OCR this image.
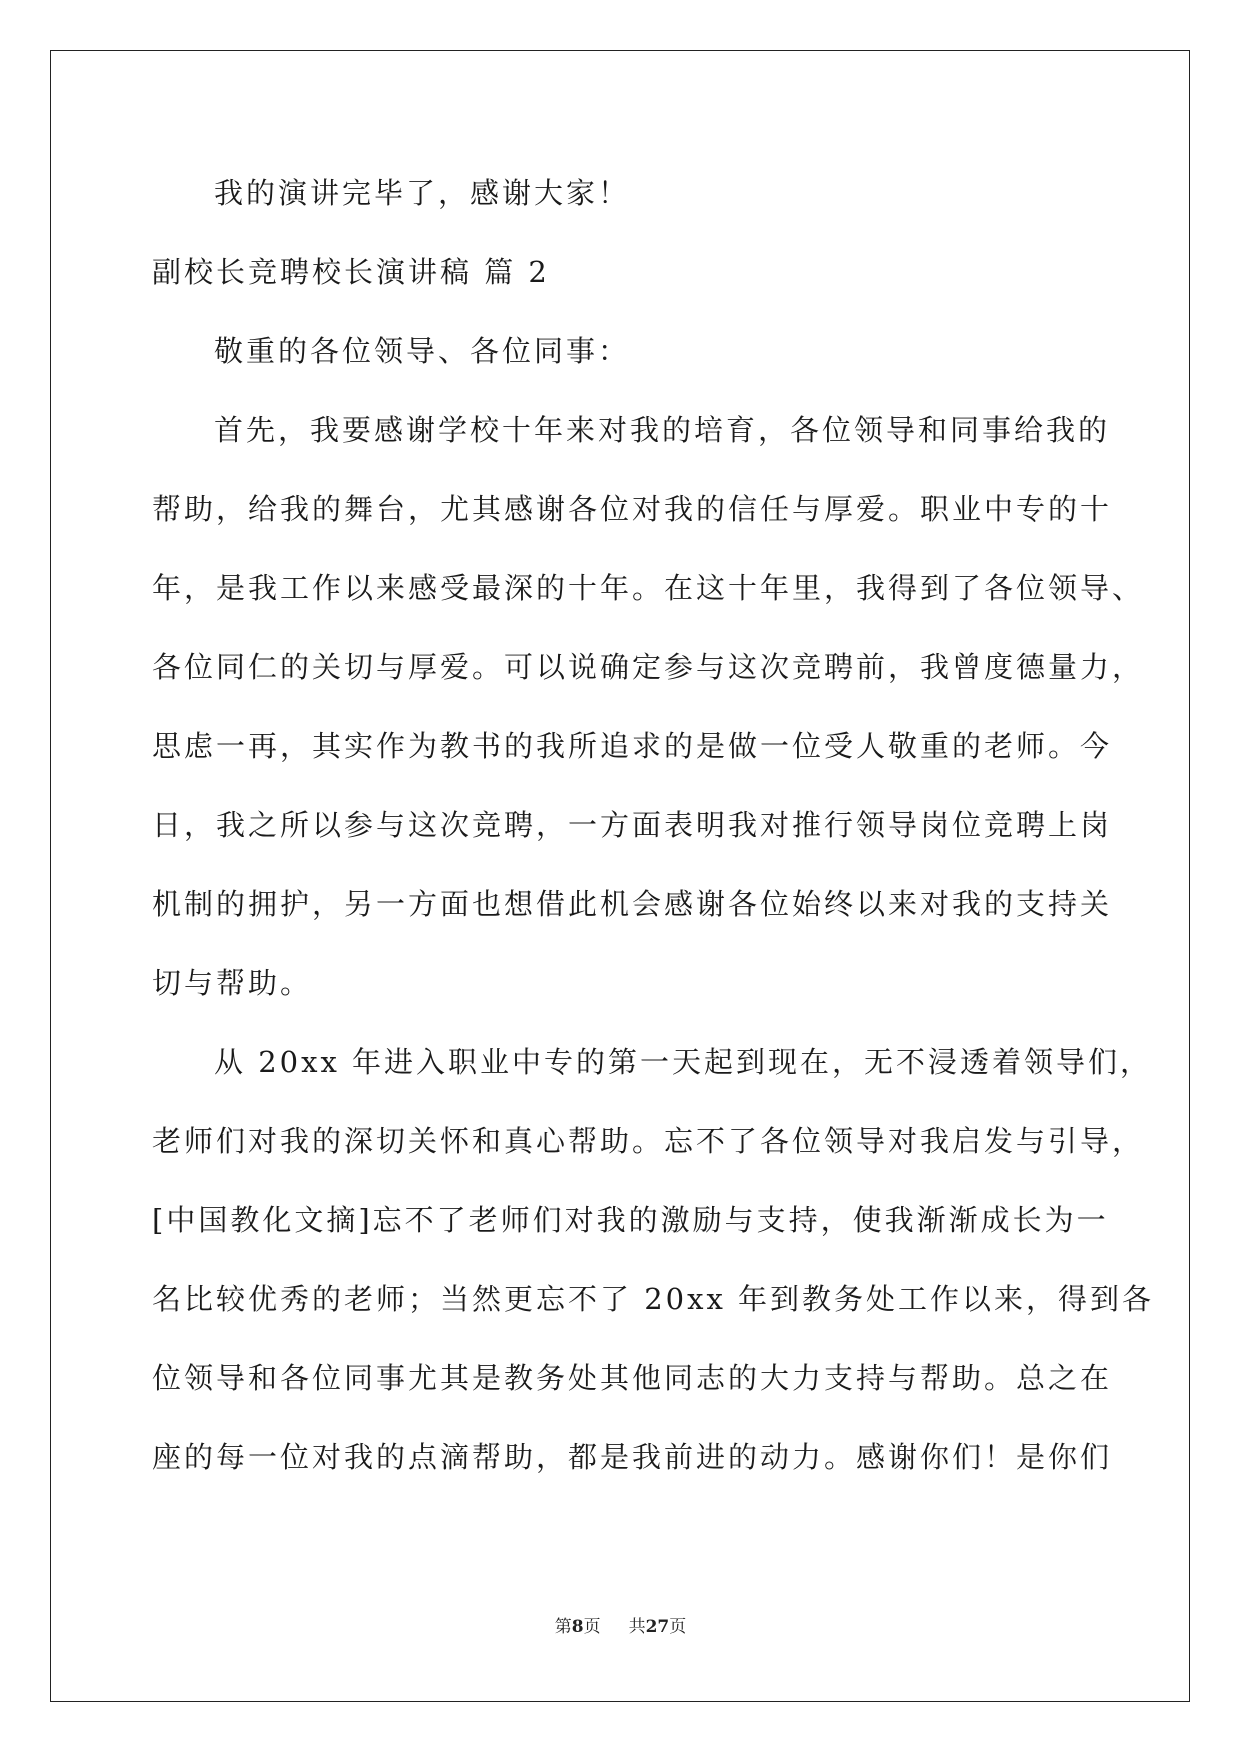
我的演讲完毕了，感谢大家！
副校长竞聘校长演讲稿 篇 2
敬重的各位领导、各位同事：
首先，我要感谢学校十年来对我的培育，各位领导和同事给我的
帮助，给我的舞台，尤其感谢各位对我的信任与厚爱。职业中专的十
年，是我工作以来感受最深的十年。在这十年里，我得到了各位领导、
各位同仁的关切与厚爱。可以说确定参与这次竞聘前，我曾度德量力，
思虑一再，其实作为教书的我所追求的是做一位受人敬重的老师。今
日，我之所以参与这次竞聘，一方面表明我对推行领导岗位竞聘上岗
机制的拥护，另一方面也想借此机会感谢各位始终以来对我的支持关
切与帮助。
从 20xx 年进入职业中专的第一天起到现在，无不浸透着领导们，
老师们对我的深切关怀和真心帮助。忘不了各位领导对我启发与引导，
[中国教化文摘]忘不了老师们对我的激励与支持，使我渐渐成长为一
名比较优秀的老师；当然更忘不了 20xx 年到教务处工作以来，得到各
位领导和各位同事尤其是教务处其他同志的大力支持与帮助。总之在
座的每一位对我的点滴帮助，都是我前进的动力。感谢你们！是你们
第8页 共27页
